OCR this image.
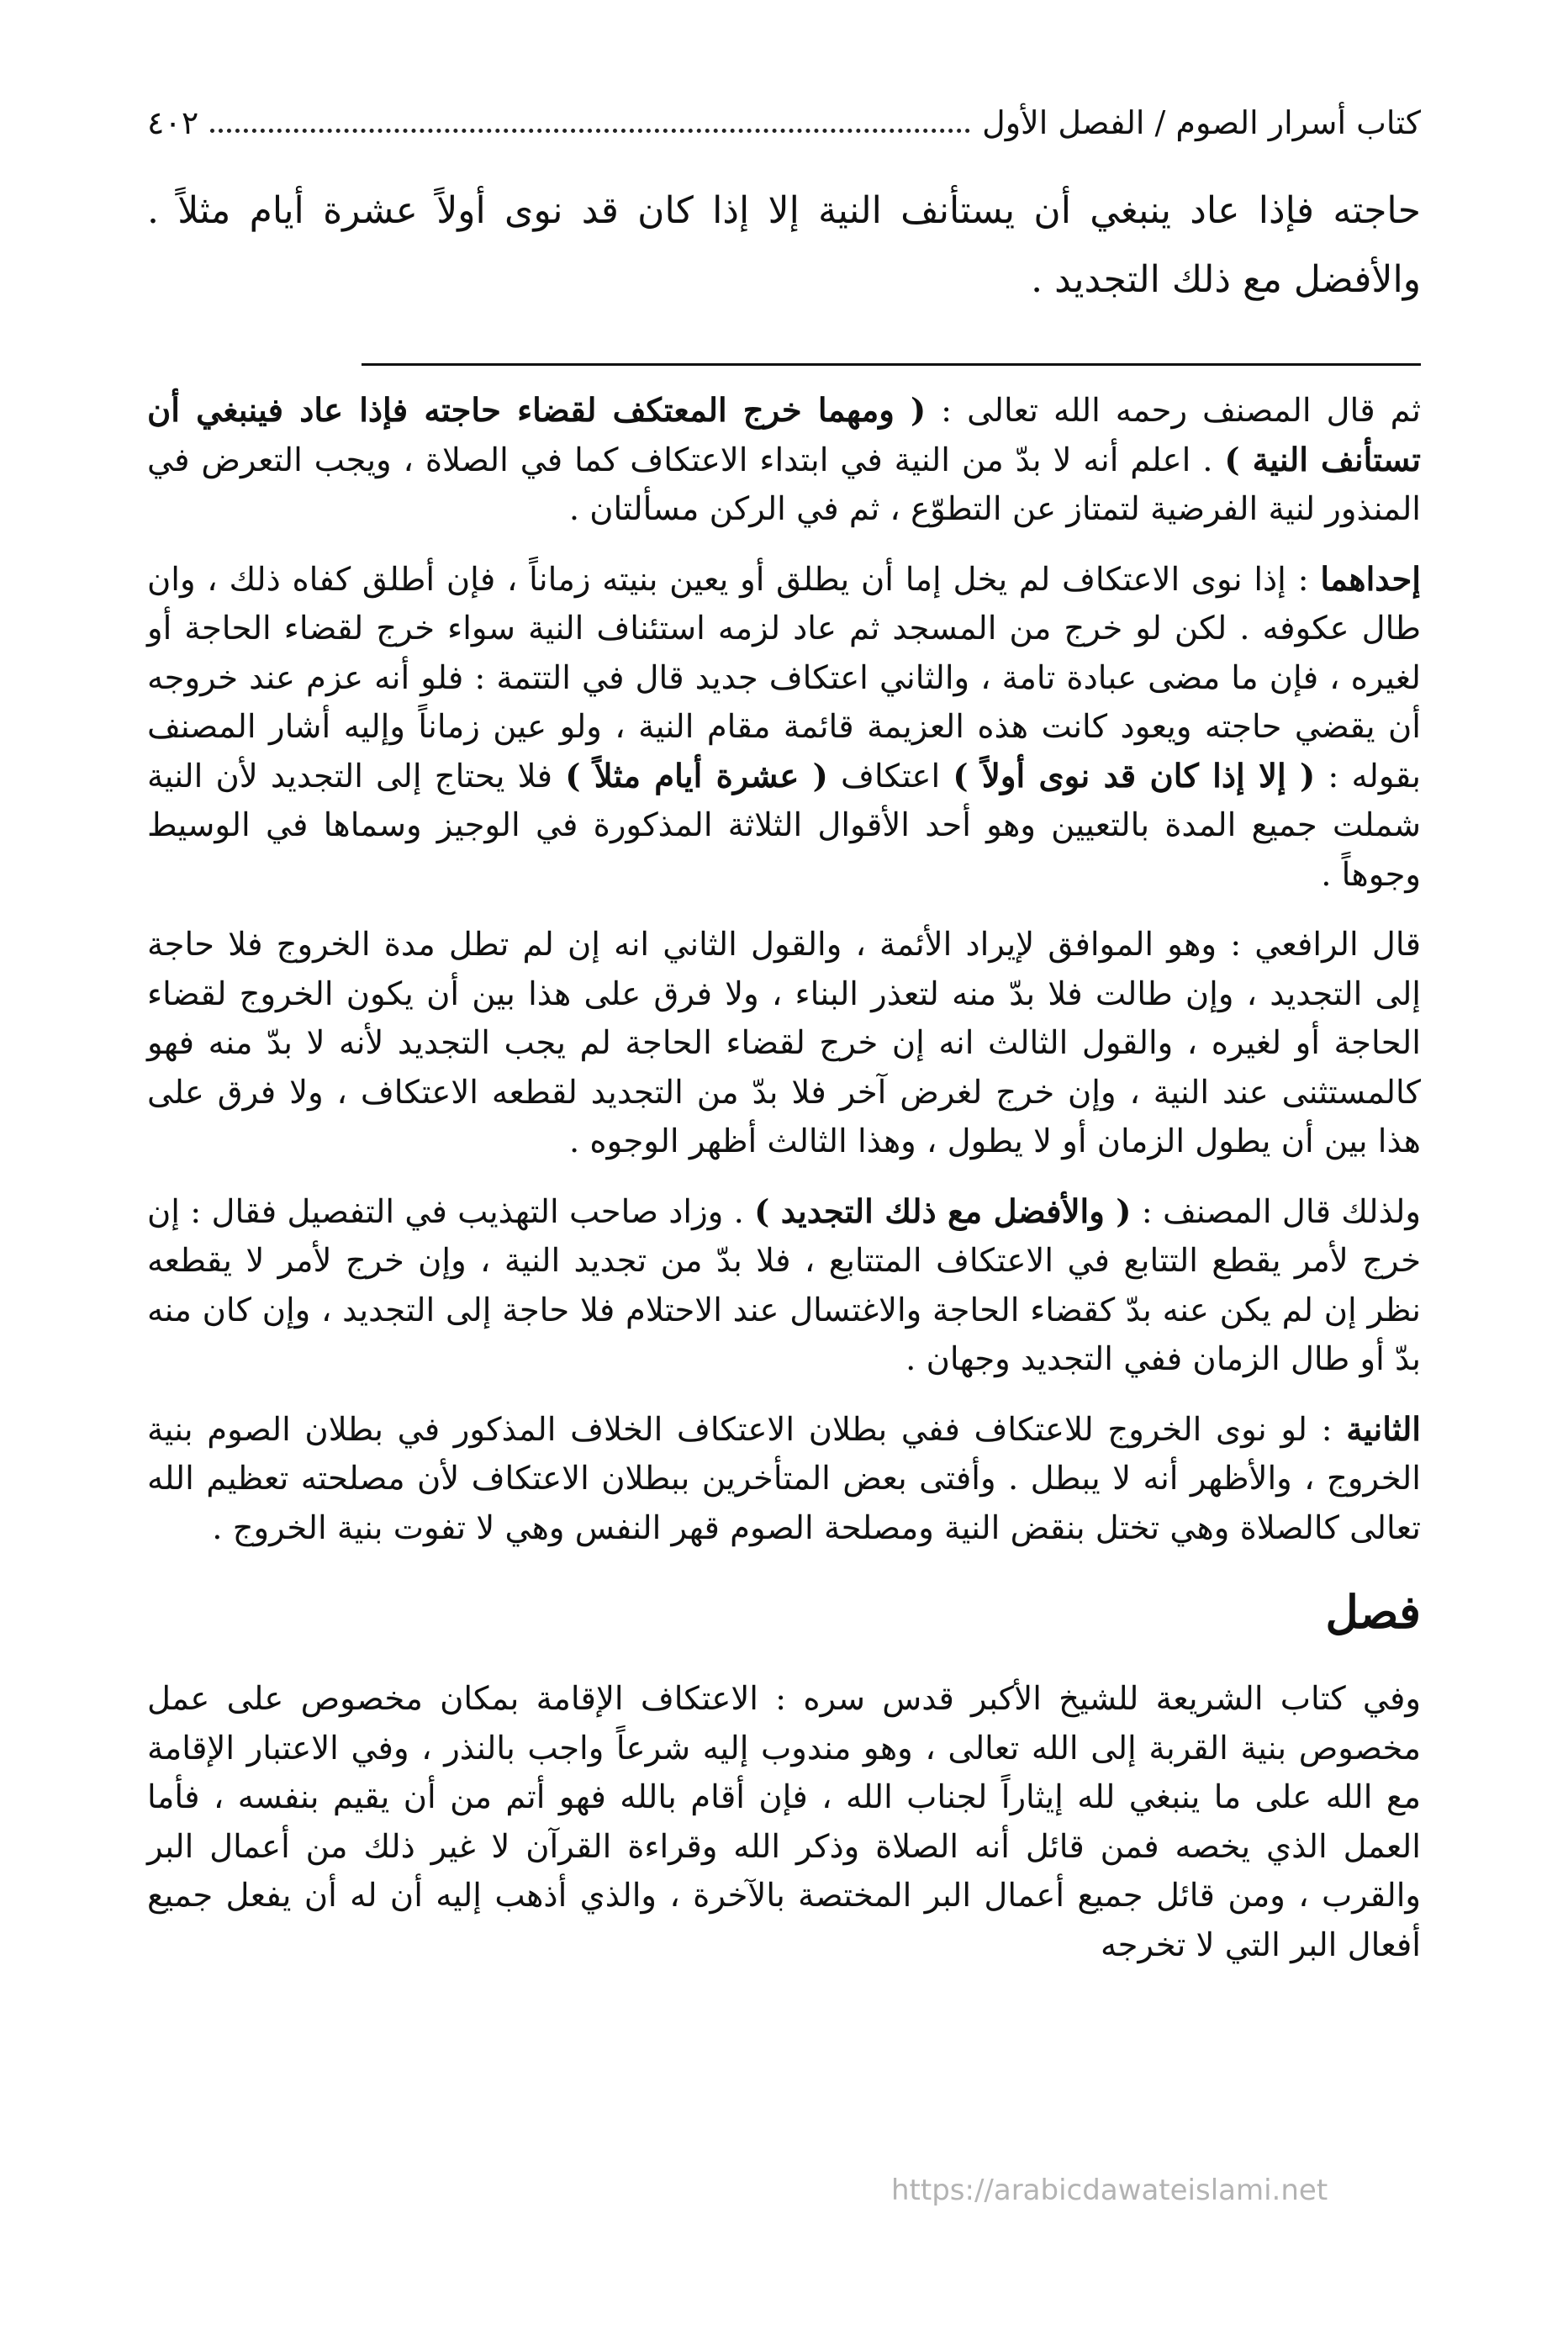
كتاب أسرار الصوم / الفصل الأول
٤٠٢
حاجته فإذا عاد ينبغي أن يستأنف النية إلا إذا كان قد نوى أولاً عشرة أيام مثلاً . والأفضل مع ذلك التجديد .

ثم قال المصنف رحمه الله تعالى : ( ومهما خرج المعتكف لقضاء حاجته فإذا عاد فينبغي أن تستأنف النية ) . اعلم أنه لا بدّ من النية في ابتداء الاعتكاف كما في الصلاة ، ويجب التعرض في المنذور لنية الفرضية لتمتاز عن التطوّع ، ثم في الركن مسألتان .

إحداهما : إذا نوى الاعتكاف لم يخل إما أن يطلق أو يعين بنيته زماناً ، فإن أطلق كفاه ذلك ، وان طال عكوفه . لكن لو خرج من المسجد ثم عاد لزمه استئناف النية سواء خرج لقضاء الحاجة أو لغيره ، فإن ما مضى عبادة تامة ، والثاني اعتكاف جديد قال في التتمة : فلو أنه عزم عند خروجه أن يقضي حاجته ويعود كانت هذه العزيمة قائمة مقام النية ، ولو عين زماناً وإليه أشار المصنف بقوله : ( إلا إذا كان قد نوى أولاً ) اعتكاف ( عشرة أيام مثلاً ) فلا يحتاج إلى التجديد لأن النية شملت جميع المدة بالتعيين وهو أحد الأقوال الثلاثة المذكورة في الوجيز وسماها في الوسيط وجوهاً .

قال الرافعي : وهو الموافق لإيراد الأئمة ، والقول الثاني انه إن لم تطل مدة الخروج فلا حاجة إلى التجديد ، وإن طالت فلا بدّ منه لتعذر البناء ، ولا فرق على هذا بين أن يكون الخروج لقضاء الحاجة أو لغيره ، والقول الثالث انه إن خرج لقضاء الحاجة لم يجب التجديد لأنه لا بدّ منه فهو كالمستثنى عند النية ، وإن خرج لغرض آخر فلا بدّ من التجديد لقطعه الاعتكاف ، ولا فرق على هذا بين أن يطول الزمان أو لا يطول ، وهذا الثالث أظهر الوجوه .

ولذلك قال المصنف : ( والأفضل مع ذلك التجديد ) . وزاد صاحب التهذيب في التفصيل فقال : إن خرج لأمر يقطع التتابع في الاعتكاف المتتابع ، فلا بدّ من تجديد النية ، وإن خرج لأمر لا يقطعه نظر إن لم يكن عنه بدّ كقضاء الحاجة والاغتسال عند الاحتلام فلا حاجة إلى التجديد ، وإن كان منه بدّ أو طال الزمان ففي التجديد وجهان .

الثانية : لو نوى الخروج للاعتكاف ففي بطلان الاعتكاف الخلاف المذكور في بطلان الصوم بنية الخروج ، والأظهر أنه لا يبطل . وأفتى بعض المتأخرين ببطلان الاعتكاف لأن مصلحته تعظيم الله تعالى كالصلاة وهي تختل بنقض النية ومصلحة الصوم قهر النفس وهي لا تفوت بنية الخروج .

فصل

وفي كتاب الشريعة للشيخ الأكبر قدس سره : الاعتكاف الإقامة بمكان مخصوص على عمل مخصوص بنية القربة إلى الله تعالى ، وهو مندوب إليه شرعاً واجب بالنذر ، وفي الاعتبار الإقامة مع الله على ما ينبغي لله إيثاراً لجناب الله ، فإن أقام بالله فهو أتم من أن يقيم بنفسه ، فأما العمل الذي يخصه فمن قائل أنه الصلاة وذكر الله وقراءة القرآن لا غير ذلك من أعمال البر والقرب ، ومن قائل جميع أعمال البر المختصة بالآخرة ، والذي أذهب إليه أن له أن يفعل جميع أفعال البر التي لا تخرجه

https://arabicdawateislami.net
